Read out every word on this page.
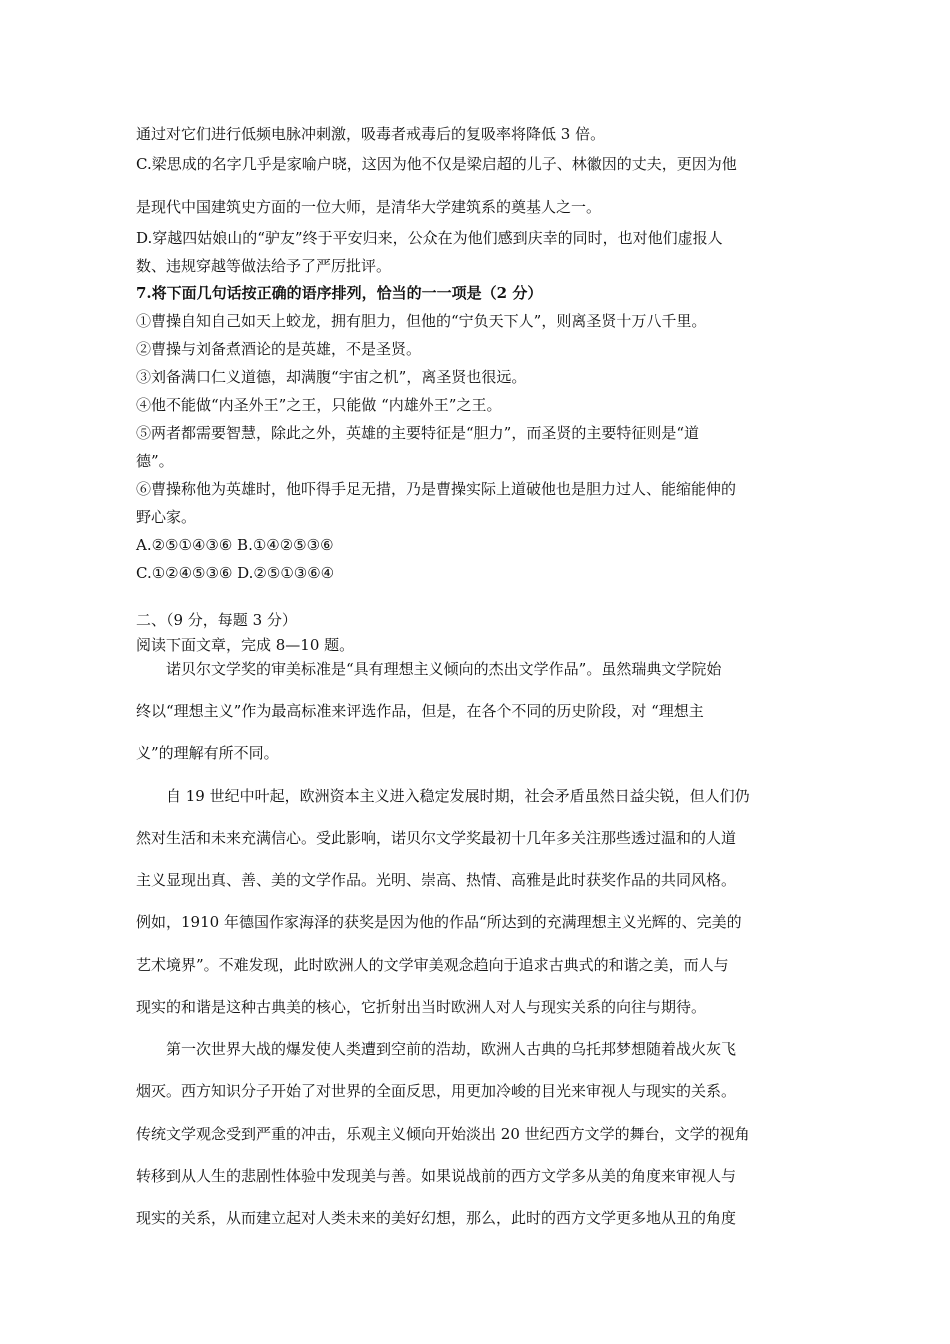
通过对它们进行低频电脉冲刺激，吸毒者戒毒后的复吸率将降低 3 倍。
C.梁思成的名字几乎是家喻户晓，这因为他不仅是梁启超的儿子、林徽因的丈夫，更因为他
是现代中国建筑史方面的一位大师，是清华大学建筑系的奠基人之一。
D.穿越四姑娘山的“驴友”终于平安归来，公众在为他们感到庆幸的同时，也对他们虚报人
数、违规穿越等做法给予了严厉批评。
7.将下面几句话按正确的语序排列，恰当的一一项是（2 分）
①曹操自知自己如天上蛟龙，拥有胆力，但他的“宁负天下人”，则离圣贤十万八千里。
②曹操与刘备煮酒论的是英雄，不是圣贤。
③刘备满口仁义道德，却满腹“宇宙之机”，离圣贤也很远。
④他不能做“内圣外王”之王，只能做 “内雄外王”之王。
⑤两者都需要智慧，除此之外，英雄的主要特征是“胆力”，而圣贤的主要特征则是“道
德”。
⑥曹操称他为英雄时，他吓得手足无措，乃是曹操实际上道破他也是胆力过人、能缩能伸的
野心家。
A.②⑤①④③⑥ B.①④②⑤③⑥
C.①②④⑤③⑥ D.②⑤①③⑥④
二、（9 分，每题 3 分）
阅读下面文章，完成 8—10 题。
诺贝尔文学奖的审美标准是“具有理想主义倾向的杰出文学作品”。虽然瑞典文学院始
终以“理想主义”作为最高标准来评选作品，但是，在各个不同的历史阶段，对 “理想主
义”的理解有所不同。
自 19 世纪中叶起，欧洲资本主义进入稳定发展时期，社会矛盾虽然日益尖锐，但人们仍
然对生活和未来充满信心。受此影响，诺贝尔文学奖最初十几年多关注那些透过温和的人道
主义显现出真、善、美的文学作品。光明、崇高、热情、高雅是此时获奖作品的共同风格。
例如，1910 年德国作家海泽的获奖是因为他的作品“所达到的充满理想主义光辉的、完美的
艺术境界”。不难发现，此时欧洲人的文学审美观念趋向于追求古典式的和谐之美，而人与
现实的和谐是这种古典美的核心，它折射出当时欧洲人对人与现实关系的向往与期待。
第一次世界大战的爆发使人类遭到空前的浩劫，欧洲人古典的乌托邦梦想随着战火灰飞
烟灭。西方知识分子开始了对世界的全面反思，用更加冷峻的目光来审视人与现实的关系。
传统文学观念受到严重的冲击，乐观主义倾向开始淡出 20 世纪西方文学的舞台，文学的视角
转移到从人生的悲剧性体验中发现美与善。如果说战前的西方文学多从美的角度来审视人与
现实的关系，从而建立起对人类未来的美好幻想，那么，此时的西方文学更多地从丑的角度
